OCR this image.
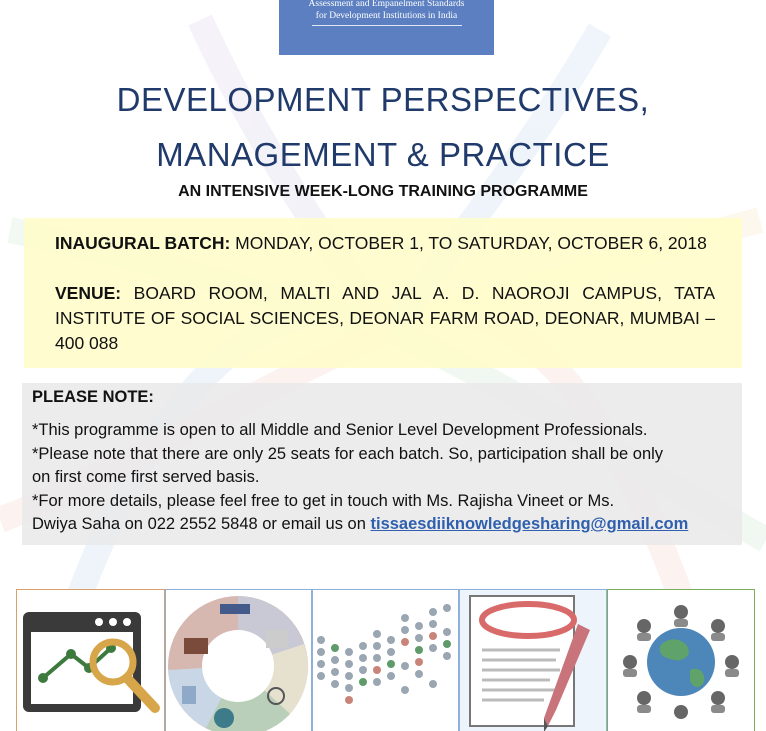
Assessment and Empanelment Standards
for Development Institutions in India
DEVELOPMENT PERSPECTIVES,
MANAGEMENT & PRACTICE
AN INTENSIVE WEEK-LONG TRAINING PROGRAMME
INAUGURAL BATCH: MONDAY, OCTOBER 1, TO SATURDAY, OCTOBER 6, 2018
VENUE: BOARD ROOM, MALTI AND JAL A. D. NAOROJI CAMPUS, TATA INSTITUTE OF SOCIAL SCIENCES, DEONAR FARM ROAD, DEONAR, MUMBAI – 400 088
PLEASE NOTE:
*This programme is open to all Middle and Senior Level Development Professionals.
*Please note that there are only 25 seats for each batch. So, participation shall be only
on first come first served basis.
*For more details, please feel free to get in touch with Ms. Rajisha Vineet or Ms.
Dwiya Saha on 022 2552 5848 or email us on tissaesdiiknowledgesharing@gmail.com
